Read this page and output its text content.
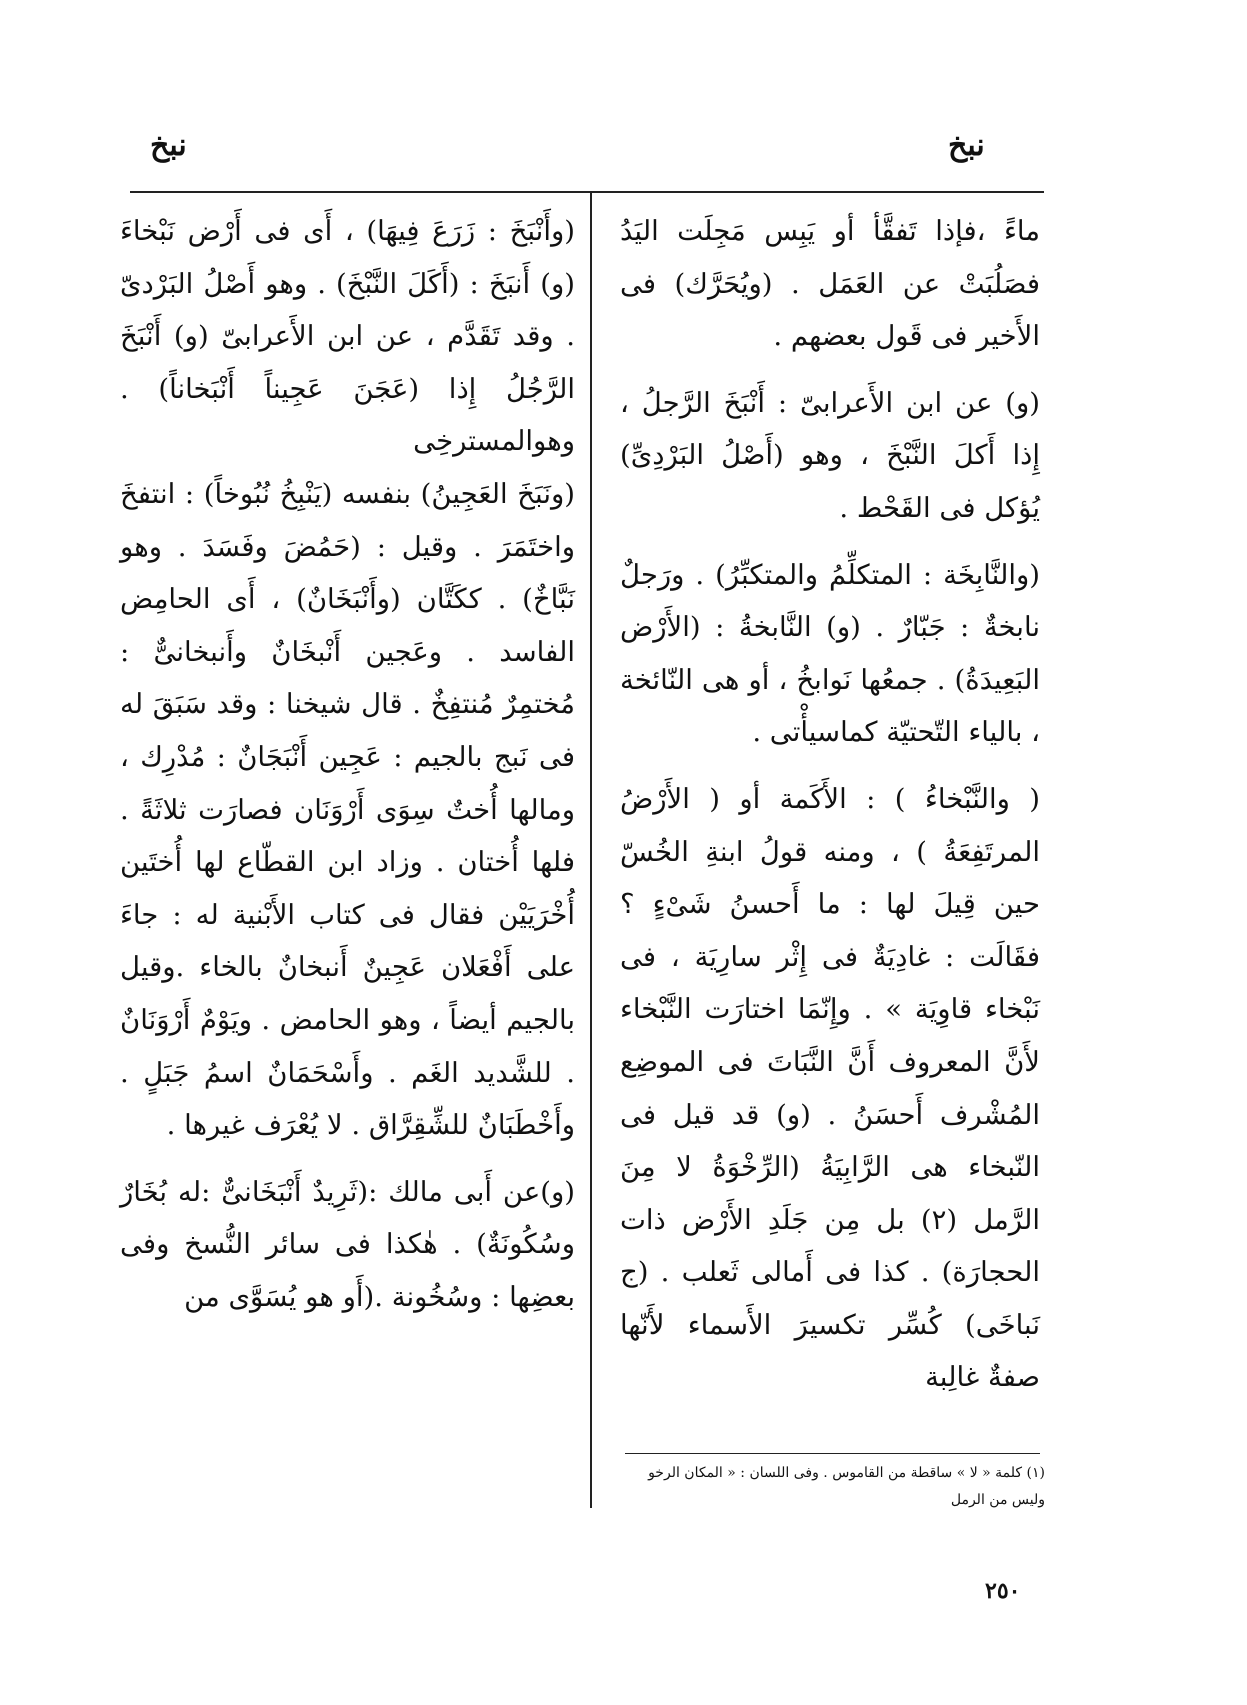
نبخ
نبخ

ماءً ،فإذا تَفقَّأ أو يَبِس مَجِلَت اليَدُ فصَلُبَتْ عن العَمَل . (ويُحَرَّك) فى الأَخير فى قَول بعضهم .

(و) عن ابن الأَعرابىّ : أَنْبَخَ الرَّجلُ ، إِذا أَكلَ النَّبْخَ ، وهو (أَصْلُ البَرْدِىِّ) يُؤكل فى القَحْط .

(والنَّابِخَة : المتكلِّمُ والمتكبِّرُ) . ورَجلٌ نابخةٌ : جَبّارٌ . (و) النَّابخةُ : (الأَرْض البَعِيدَةُ) . جمعُها نَوابخُ ، أو هى النّائخة ، بالياء التّحتيّة كماسيأْتى .

( والنَّبْخاءُ ) : الأَكَمة أو ( الأَرْضُ المرتَفِعَةُ ) ، ومنه قولُ ابنةِ الخُسّ حين قِيلَ لها : ما أَحسنُ شَىْءٍ ؟ فقَالَت : غادِيَةٌ فى إِثْر سارِيَة ، فى نَبْخاء قاوِيَة » . وإِنّمَا اختارَت النَّبْخاء لأَنَّ المعروف أَنَّ النَّبَاتَ فى الموضِع المُشْرف أَحسَنُ . (و) قد قيل فى النّبخاء هى الرَّابِيَةُ (الرِّخْوَةُ لا مِنَ الرَّمل (٢) بل مِن جَلَدِ الأَرْض ذات الحجارَة) . كذا فى أَمالى ثَعلب . (ج نَباخَى) كُسِّر تكسيرَ الأَسماء لأَنّها صفةٌ غالِبة

(وأَنْبَخَ : زَرَعَ فِيهَا) ، أَى فى أَرْض نَبْخاءَ (و) أَنبَخَ : (أَكَلَ النَّبْخَ) . وهو أَصْلُ البَرْدىّ . وقد تَقَدَّم ، عن ابن الأَعرابىّ (و) أَنْبَخَ الرَّجُلُ إِذا (عَجَنَ عَجِيناً أَنْبَخاناً) . وهوالمسترخِى

(ونَبَخَ العَجِينُ) بنفسه (يَنْبِخُ نُبُوخاً) : انتفخَ واختَمَرَ . وقيل : (حَمُضَ وفَسَدَ . وهو نَبَّاخٌ) . ككَتَّان (وأَنْبَخَانٌ) ، أَى الحامِض الفاسد . وعَجين أَنْبخَانٌ وأَنبخانىٌّ : مُختمِرٌ مُنتفِخٌ . قال شيخنا : وقد سَبَقَ له فى نَبج بالجيم : عَجِين أَنْبَجَانٌ : مُدْرِك ، ومالها أُختٌ سِوَى أَرْوَنَان فصارَت ثلاثَةً . فلها أُختان . وزاد ابن القطّاع لها أُختَين أُخْرَيَيْن فقال فى كتاب الأَبْنية له : جاءَ على أَفْعَلان عَجِينٌ أَنبخانٌ بالخاء .وقيل بالجيم أيضاً ، وهو الحامض . ويَوْمٌ أَرْوَنَانٌ . للشَّديد الغَم . وأَسْحَمَانٌ اسمُ جَبَلٍ . وأَخْطَبَانٌ للشِّقِرَّاق . لا يُعْرَف غيرها .

(و)عن أَبى مالك :(ثَرِيدٌ أَنْبَخَانىٌّ :له بُخَارٌ وسُكُونَةٌ) . هٰكذا فى سائر النُّسخ وفى بعضِها : وسُخُونة .(أَو هو يُسَوَّى من

(١) كلمة « لا » ساقطة من القاموس . وفى اللسان : « المكان الرخو وليس من الرمل
٢٥٠
